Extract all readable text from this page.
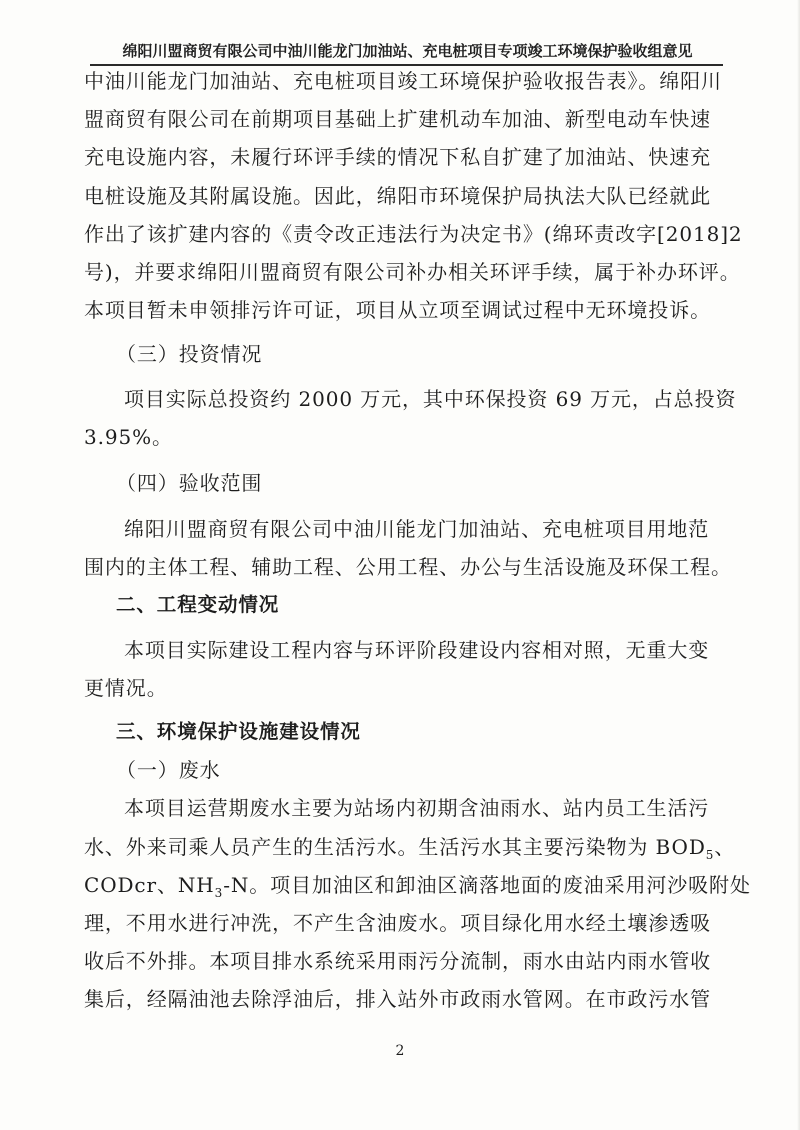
绵阳川盟商贸有限公司中油川能龙门加油站、充电桩项目专项竣工环境保护验收组意见
中油川能龙门加油站、充电桩项目竣工环境保护验收报告表》。绵阳川
盟商贸有限公司在前期项目基础上扩建机动车加油、新型电动车快速
充电设施内容，未履行环评手续的情况下私自扩建了加油站、快速充
电桩设施及其附属设施。因此，绵阳市环境保护局执法大队已经就此
作出了该扩建内容的《责令改正违法行为决定书》(绵环责改字[2018]2
号)，并要求绵阳川盟商贸有限公司补办相关环评手续，属于补办环评。
本项目暂未申领排污许可证，项目从立项至调试过程中无环境投诉。
（三）投资情况
项目实际总投资约 2000 万元，其中环保投资 69 万元，占总投资
3.95%。
（四）验收范围
绵阳川盟商贸有限公司中油川能龙门加油站、充电桩项目用地范
围内的主体工程、辅助工程、公用工程、办公与生活设施及环保工程。
二、工程变动情况
本项目实际建设工程内容与环评阶段建设内容相对照，无重大变
更情况。
三、环境保护设施建设情况
（一）废水
本项目运营期废水主要为站场内初期含油雨水、站内员工生活污
水、外来司乘人员产生的生活污水。生活污水其主要污染物为 $BOD_5$、
CODcr、$NH_3-N$。项目加油区和卸油区滴落地面的废油采用河沙吸附处
理，不用水进行冲洗，不产生含油废水。项目绿化用水经土壤渗透吸
收后不外排。本项目排水系统采用雨污分流制，雨水由站内雨水管收
集后，经隔油池去除浮油后，排入站外市政雨水管网。在市政污水管
2
